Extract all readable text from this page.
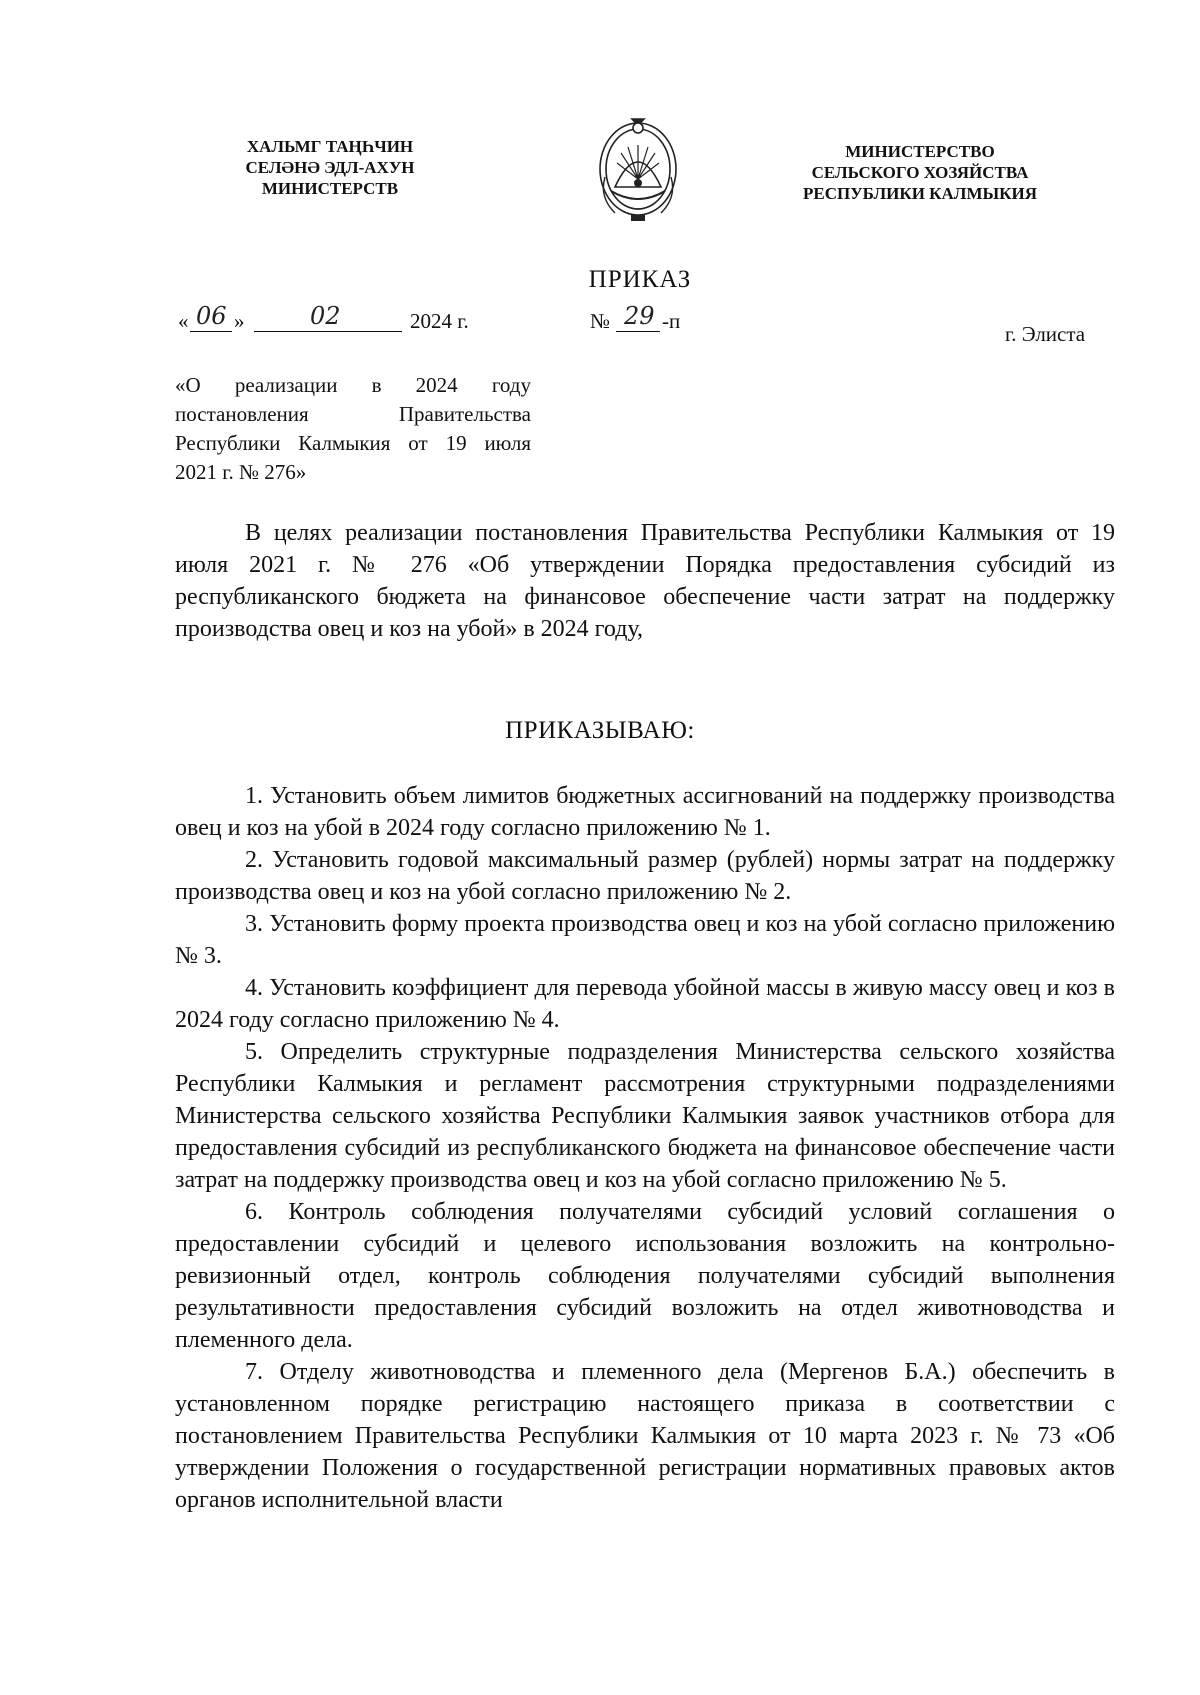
ХАЛЬМГ ТАҢҺЧИН
СЕЛӘНӘ ЭДЛ-АХУН
МИНИСТЕРСТВ
МИНИСТЕРСТВО
СЕЛЬСКОГО ХОЗЯЙСТВА
РЕСПУБЛИКИ КАЛМЫКИЯ
ПРИКАЗ
« 06 »	02	2024 г.	№ 29 -п
г. Элиста
«О реализации в 2024 году
постановления Правительства
Республики Калмыкия от 19 июля
2021 г. № 276»

В целях реализации постановления Правительства Республики Калмыкия от 19 июля 2021 г. № 276 «Об утверждении Порядка предоставления субсидий из республиканского бюджета на финансовое обеспечение части затрат на поддержку производства овец и коз на убой» в 2024 году,

ПРИКАЗЫВАЮ:

1. Установить объем лимитов бюджетных ассигнований на поддержку производства овец и коз на убой в 2024 году согласно приложению № 1.

2. Установить годовой максимальный размер (рублей) нормы затрат на поддержку производства овец и коз на убой согласно приложению № 2.

3. Установить форму проекта производства овец и коз на убой согласно приложению № 3.

4. Установить коэффициент для перевода убойной массы в живую массу овец и коз в 2024 году согласно приложению № 4.

5. Определить структурные подразделения Министерства сельского хозяйства Республики Калмыкия и регламент рассмотрения структурными подразделениями Министерства сельского хозяйства Республики Калмыкия заявок участников отбора для предоставления субсидий из республиканского бюджета на финансовое обеспечение части затрат на поддержку производства овец и коз на убой согласно приложению № 5.

6. Контроль соблюдения получателями субсидий условий соглашения о предоставлении субсидий и целевого использования возложить на контрольно-ревизионный отдел, контроль соблюдения получателями субсидий выполнения результативности предоставления субсидий возложить на отдел животноводства и племенного дела.

7. Отделу животноводства и племенного дела (Мергенов Б.А.) обеспечить в установленном порядке регистрацию настоящего приказа в соответствии с постановлением Правительства Республики Калмыкия от 10 марта 2023 г. № 73 «Об утверждении Положения о государственной регистрации нормативных правовых актов органов исполнительной власти
